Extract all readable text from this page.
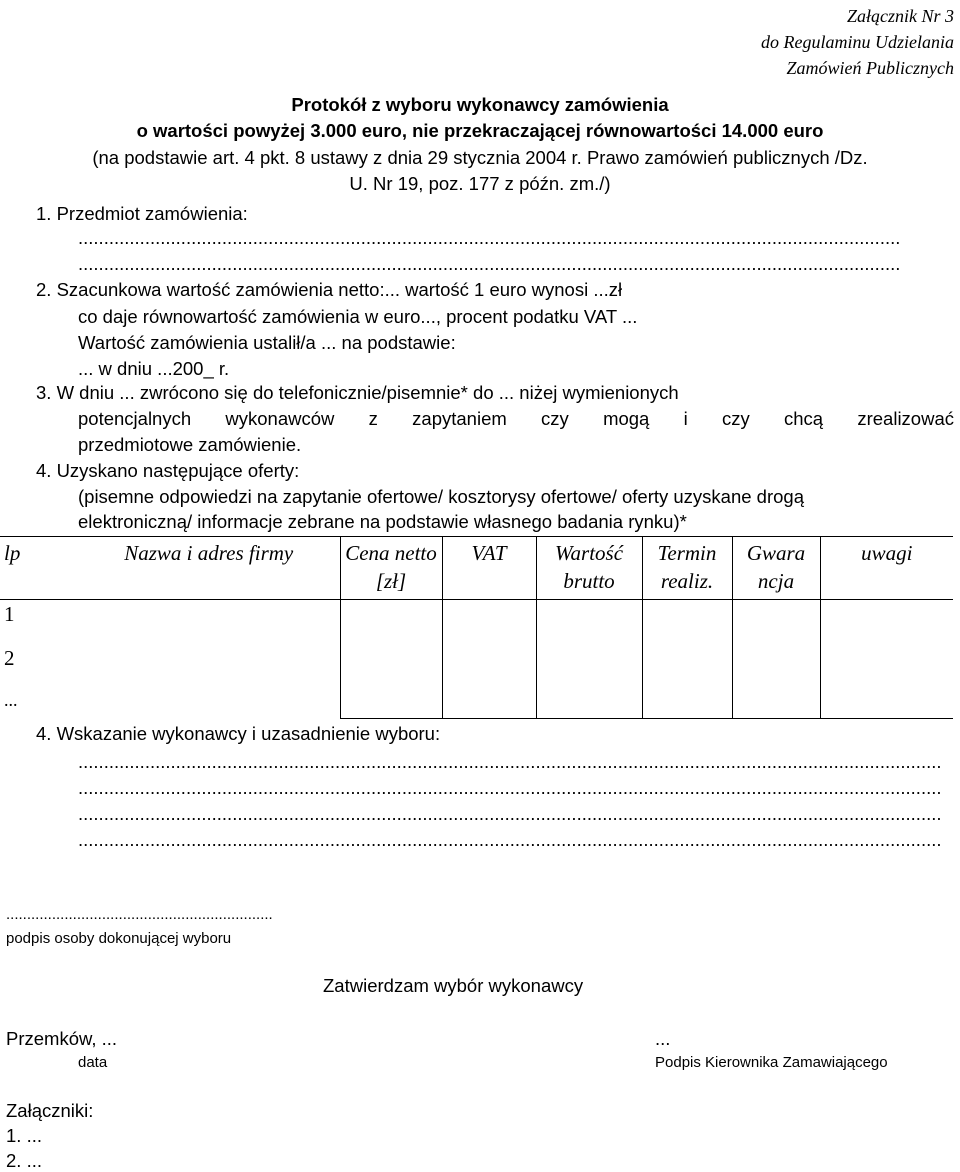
Załącznik Nr 3
do Regulaminu Udzielania
Zamówień Publicznych
Protokół z wyboru wykonawcy zamówienia
o wartości powyżej 3.000 euro, nie przekraczającej równowartości 14.000 euro
(na podstawie art. 4 pkt. 8 ustawy z dnia 29 stycznia 2004 r. Prawo zamówień publicznych /Dz.
U. Nr 19, poz. 177 z późn. zm./)
1. Przedmiot zamówienia:
................................................................................................................................................................
................................................................................................................................................................
2. Szacunkowa wartość zamówienia netto:... wartość 1 euro wynosi ...zł
co daje równowartość zamówienia w euro..., procent podatku VAT ...
Wartość zamówienia ustalił/a ... na podstawie:
... w dniu ...200_ r.
3. W dniu ... zwrócono się do telefonicznie/pisemnie* do ... niżej wymienionych
potencjalnych wykonawców z zapytaniem czy mogą i czy chcą zrealizować
przedmiotowe zamówienie.
4. Uzyskano następujące oferty:
(pisemne odpowiedzi na zapytanie ofertowe/ kosztorysy ofertowe/ oferty uzyskane drogą
elektroniczną/ informacje zebrane na podstawie własnego badania rynku)*
lp	Nazwa i adres firmy	Cena netto [zł]	VAT	Wartość brutto	Termin realiz.	Gwara ncja	uwagi
1							
2							
...							
4. Wskazanie wykonawcy i uzasadnienie wyboru:
........................................................................................................................................................................
........................................................................................................................................................................
........................................................................................................................................................................
........................................................................................................................................................................
................................................................
podpis osoby dokonującej wyboru
Zatwierdzam wybór wykonawcy
Przemków, ...
data
...
Podpis Kierownika Zamawiającego
Załączniki:
1. ...
2. ...
